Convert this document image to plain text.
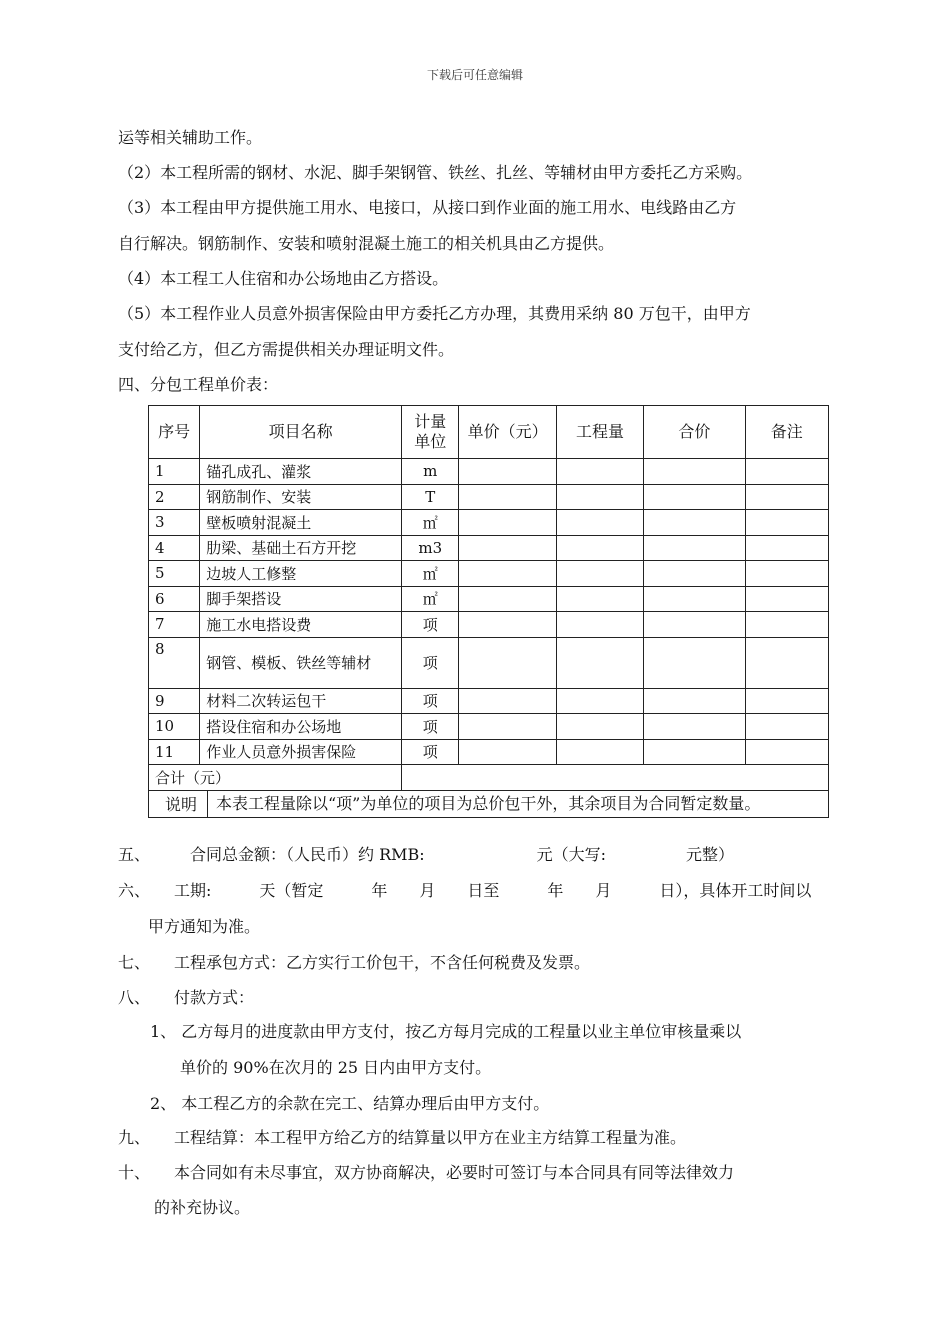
下载后可任意编辑
运等相关辅助工作。
（2）本工程所需的钢材、水泥、脚手架钢管、铁丝、扎丝、等辅材由甲方委托乙方采购。
（3）本工程由甲方提供施工用水、电接口，从接口到作业面的施工用水、电线路由乙方
自行解决。钢筋制作、安装和喷射混凝土施工的相关机具由乙方提供。
（4）本工程工人住宿和办公场地由乙方搭设。
（5）本工程作业人员意外损害保险由甲方委托乙方办理，其费用采纳 80 万包干，由甲方
支付给乙方，但乙方需提供相关办理证明文件。
四、分包工程单价表：
序号	项目名称	计量单位	单价（元）	工程量	合价	备注
1	锚孔成孔、灌浆	m				
2	钢筋制作、安装	T				
3	壁板喷射混凝土	㎡				
4	肋梁、基础土石方开挖	m3				
5	边坡人工修整	㎡				
6	脚手架搭设	㎡				
7	施工水电搭设费	项				
8	钢管、模板、铁丝等辅材	项				
9	材料二次转运包干	项				
10	搭设住宿和办公场地	项				
11	作业人员意外损害保险	项				
合计（元）						

说明 本表工程量除以“项”为单位的项目为总价包干外，其余项目为合同暂定数量。						
五、　　　合同总金额：（人民币）约 RMB:　　　　　　　元（大写:　　　　　元整）
六、　　工期:　　　天（暂定　　　年　　月　　日至　　　年　　月　　　日），具体开工时间以
甲方通知为准。
七、　　工程承包方式：乙方实行工价包干，不含任何税费及发票。
八、　　付款方式：
1、 乙方每月的进度款由甲方支付，按乙方每月完成的工程量以业主单位审核量乘以
单价的 90%在次月的 25 日内由甲方支付。
2、 本工程乙方的余款在完工、结算办理后由甲方支付。
九、　　工程结算：本工程甲方给乙方的结算量以甲方在业主方结算工程量为准。
十、　　本合同如有未尽事宜，双方协商解决，必要时可签订与本合同具有同等法律效力
的补充协议。
